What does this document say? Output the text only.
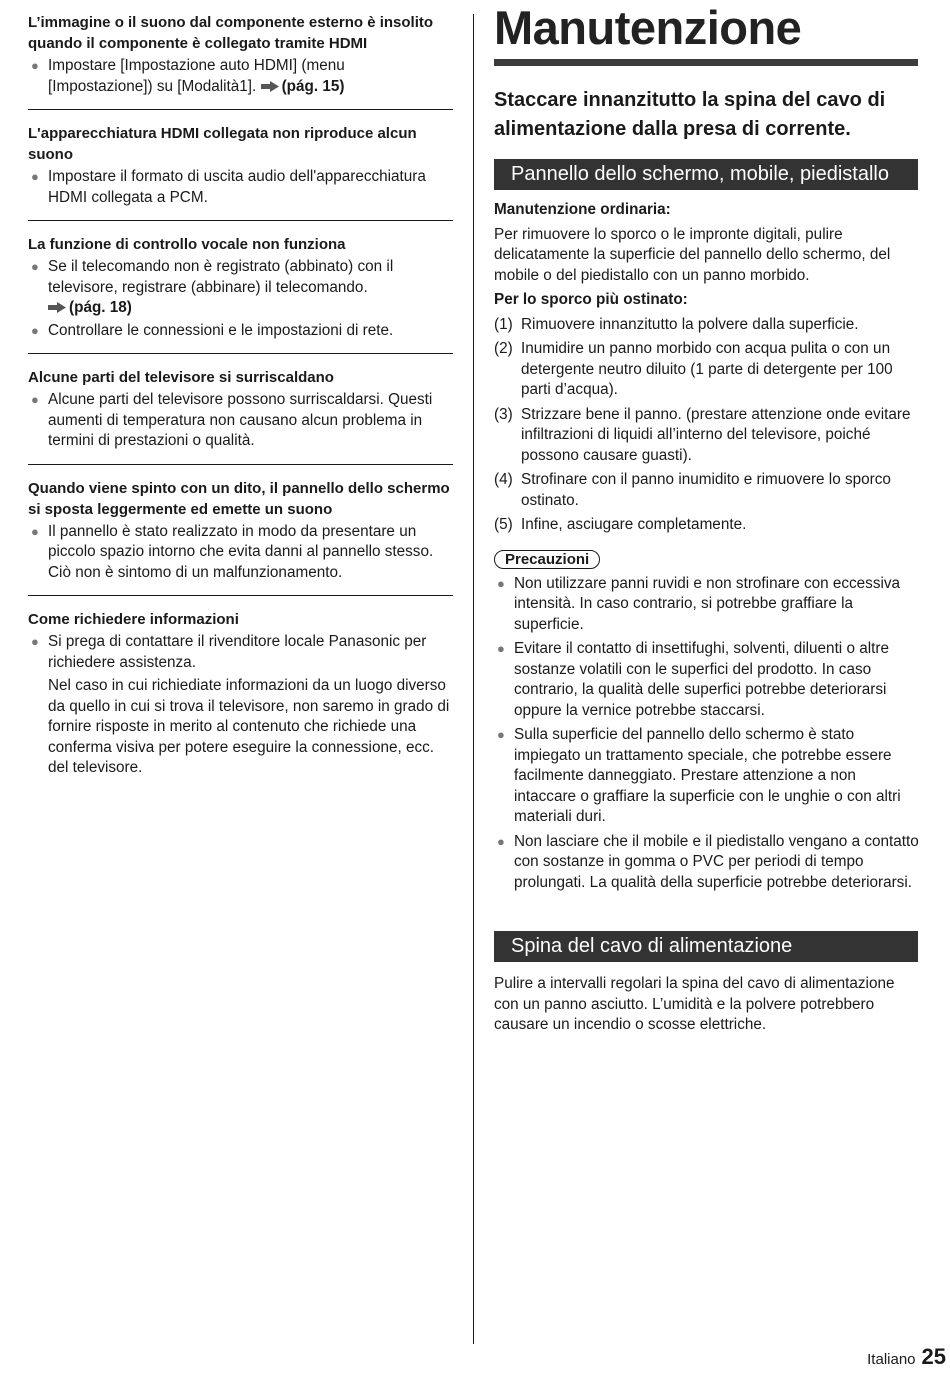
L’immagine o il suono dal componente esterno è insolito quando il componente è collegato tramite HDMI

● Impostare [Impostazione auto HDMI] (menu [Impostazione]) su [Modalità1]. (pág. 15)

L'apparecchiatura HDMI collegata non riproduce alcun suono

● Impostare il formato di uscita audio dell'apparecchiatura HDMI collegata a PCM.

La funzione di controllo vocale non funziona

● Se il telecomando non è registrato (abbinato) con il televisore, registrare (abbinare) il telecomando.
(pág. 18)

● Controllare le connessioni e le impostazioni di rete.

Alcune parti del televisore si surriscaldano

● Alcune parti del televisore possono surriscaldarsi. Questi aumenti di temperatura non causano alcun problema in termini di prestazioni o qualità.

Quando viene spinto con un dito, il pannello dello schermo si sposta leggermente ed emette un suono

● Il pannello è stato realizzato in modo da presentare un piccolo spazio intorno che evita danni al pannello stesso. Ciò non è sintomo di un malfunzionamento.

Come richiedere informazioni

● Si prega di contattare il rivenditore locale Panasonic per richiedere assistenza.

Nel caso in cui richiediate informazioni da un luogo diverso da quello in cui si trova il televisore, non saremo in grado di fornire risposte in merito al contenuto che richiede una conferma visiva per potere eseguire la connessione, ecc. del televisore.

Manutenzione

Staccare innanzitutto la spina del cavo di alimentazione dalla presa di corrente.

Pannello dello schermo, mobile, piedistallo

Manutenzione ordinaria:

Per rimuovere lo sporco o le impronte digitali, pulire delicatamente la superficie del pannello dello schermo, del mobile o del piedistallo con un panno morbido.

Per lo sporco più ostinato:

(1) Rimuovere innanzitutto la polvere dalla superficie.
(2) Inumidire un panno morbido con acqua pulita o con un detergente neutro diluito (1 parte di detergente per 100 parti d’acqua).
(3) Strizzare bene il panno. (prestare attenzione onde evitare infiltrazioni di liquidi all’interno del televisore, poiché possono causare guasti).
(4) Strofinare con il panno inumidito e rimuovere lo sporco ostinato.
(5) Infine, asciugare completamente.
Precauzioni
● Non utilizzare panni ruvidi e non strofinare con eccessiva intensità. In caso contrario, si potrebbe graffiare la superficie.

● Evitare il contatto di insettifughi, solventi, diluenti o altre sostanze volatili con le superfici del prodotto. In caso contrario, la qualità delle superfici potrebbe deteriorarsi oppure la vernice potrebbe staccarsi.

● Sulla superficie del pannello dello schermo è stato impiegato un trattamento speciale, che potrebbe essere facilmente danneggiato. Prestare attenzione a non intaccare o graffiare la superficie con le unghie o con altri materiali duri.

● Non lasciare che il mobile e il piedistallo vengano a contatto con sostanze in gomma o PVC per periodi di tempo prolungati. La qualità della superficie potrebbe deteriorarsi.

Spina del cavo di alimentazione

Pulire a intervalli regolari la spina del cavo di alimentazione con un panno asciutto. L’umidità e la polvere potrebbero causare un incendio o scosse elettriche.

Italiano 25
